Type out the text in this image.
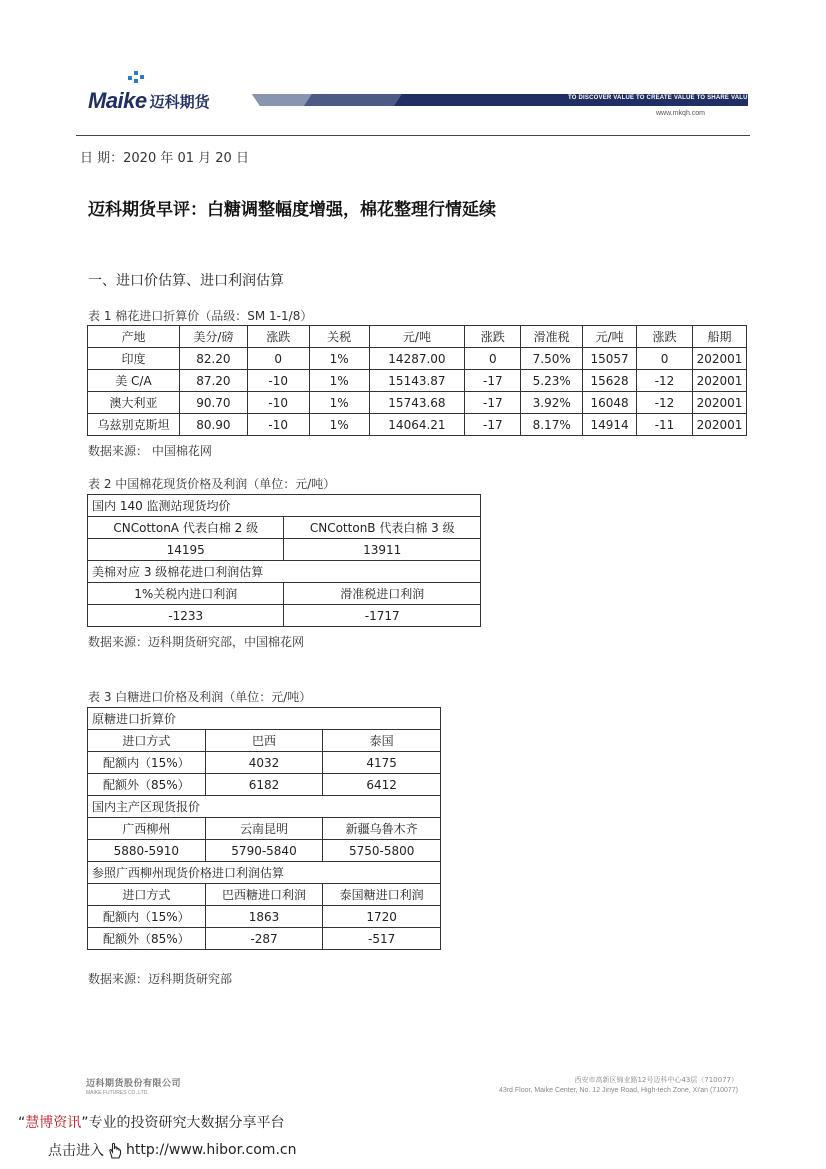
Maike 迈科期货	TO DISCOVER VALUE TO CREATE VALUE TO SHARE VALUE
www.mkqh.com
日 期：2020 年 01 月 20 日
迈科期货早评：白糖调整幅度增强，棉花整理行情延续
一、进口价估算、进口利润估算
表 1 棉花进口折算价（品级：SM 1-1/8）
产地	美分/磅	涨跌	关税	元/吨	涨跌	滑准税	元/吨	涨跌	船期
印度	82.20	0	1%	14287.00	0	7.50%	15057	0	202001
美 C/A	87.20	-10	1%	15143.87	-17	5.23%	15628	-12	202001
澳大利亚	90.70	-10	1%	15743.68	-17	3.92%	16048	-12	202001
乌兹别克斯坦	80.90	-10	1%	14064.21	-17	8.17%	14914	-11	202001
数据来源： 中国棉花网
表 2 中国棉花现货价格及利润（单位：元/吨）
国内 140 监测站现货均价	
CNCottonA 代表白棉 2 级	CNCottonB 代表白棉 3 级
14195	13911
美棉对应 3 级棉花进口利润估算	
1%关税内进口利润	滑准税进口利润
-1233	-1717
数据来源：迈科期货研究部，中国棉花网
表 3 白糖进口价格及利润（单位：元/吨）
原糖进口折算价		
进口方式	巴西	泰国
配额内（15%）	4032	4175
配额外（85%）	6182	6412
国内主产区现货报价		
广西柳州	云南昆明	新疆乌鲁木齐
5880-5910	5790-5840	5750-5800
参照广西柳州现货价格进口利润估算		
进口方式	巴西糖进口利润	泰国糖进口利润
配额内（15%）	1863	1720
配额外（85%）	-287	-517
数据来源：迈科期货研究部
迈科期货股份有限公司
MAIKE FUTURES CO.,LTD.
西安市高新区锦业路12号迈科中心43层（710077）
43rd Floor, Maike Center, No. 12 Jinye Road, High-tech Zone, Xi'an (710077)
“慧博资讯”专业的投资研究大数据分享平台
点击进入 http://www.hibor.com.cn
